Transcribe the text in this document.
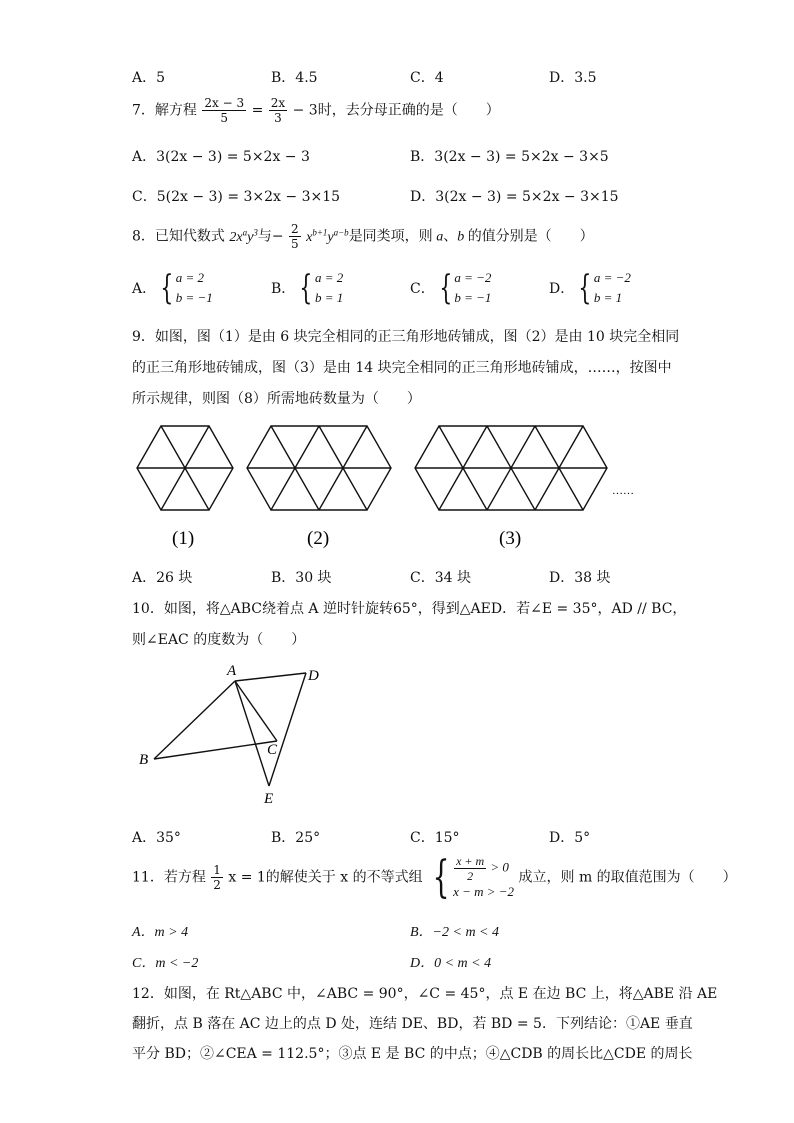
A．5	B．4.5	C．4	D．3.5
7．解方程 $\frac{2x - 3}{5} = \frac{2x}{3} - 3$时，去分母正确的是（　　）
A．3(2x − 3) = 5×2x − 3	B．3(2x − 3) = 5×2x − 3×5
C．5(2x − 3) = 3×2x − 3×15	D．3(2x − 3) = 5×2x − 3×15
8．已知代数式 $2x^ay^3$与− $\frac{2}{5} x^{b+1}y^{a-b}$是同类项，则 a、b 的值分别是（　　）
A． { a = 2
b = −1
B． { a = 2
b = 1
C． { a = −2
b = −1
D． { a = −2
b = 1
9．如图，图（1）是由 6 块完全相同的正三角形地砖铺成，图（2）是由 10 块完全相同
的正三角形地砖铺成，图（3）是由 14 块完全相同的正三角形地砖铺成，……，按图中
所示规律，则图（8）所需地砖数量为（　　）
(1)	(2)	(3)
……
A．26 块	B．30 块	C．34 块	D．38 块
10．如图，将△ABC绕着点 A 逆时针旋转65°，得到△AED．若∠E = 35°，AD // BC，
则∠EAC 的度数为（　　）
A	D
B
C
E
A．35°	B．25°	C．15°	D．5°
11．若方程 $\frac{1}{2}$ x = 1的解使关于 x 的不等式组 { $\frac{x + m}{2} > 0$
x − m > −2
成立，则 m 的取值范围为（　　）
A．m > 4	B．−2 < m < 4
C．m < −2	D．0 < m < 4
12．如图，在 Rt△ABC 中，∠ABC = 90°，∠C = 45°，点 E 在边 BC 上，将△ABE 沿 AE
翻折，点 B 落在 AC 边上的点 D 处，连结 DE、BD，若 BD = 5．下列结论：①AE 垂直
平分 BD；②∠CEA = 112.5°；③点 E 是 BC 的中点；④△CDB 的周长比△CDE 的周长
